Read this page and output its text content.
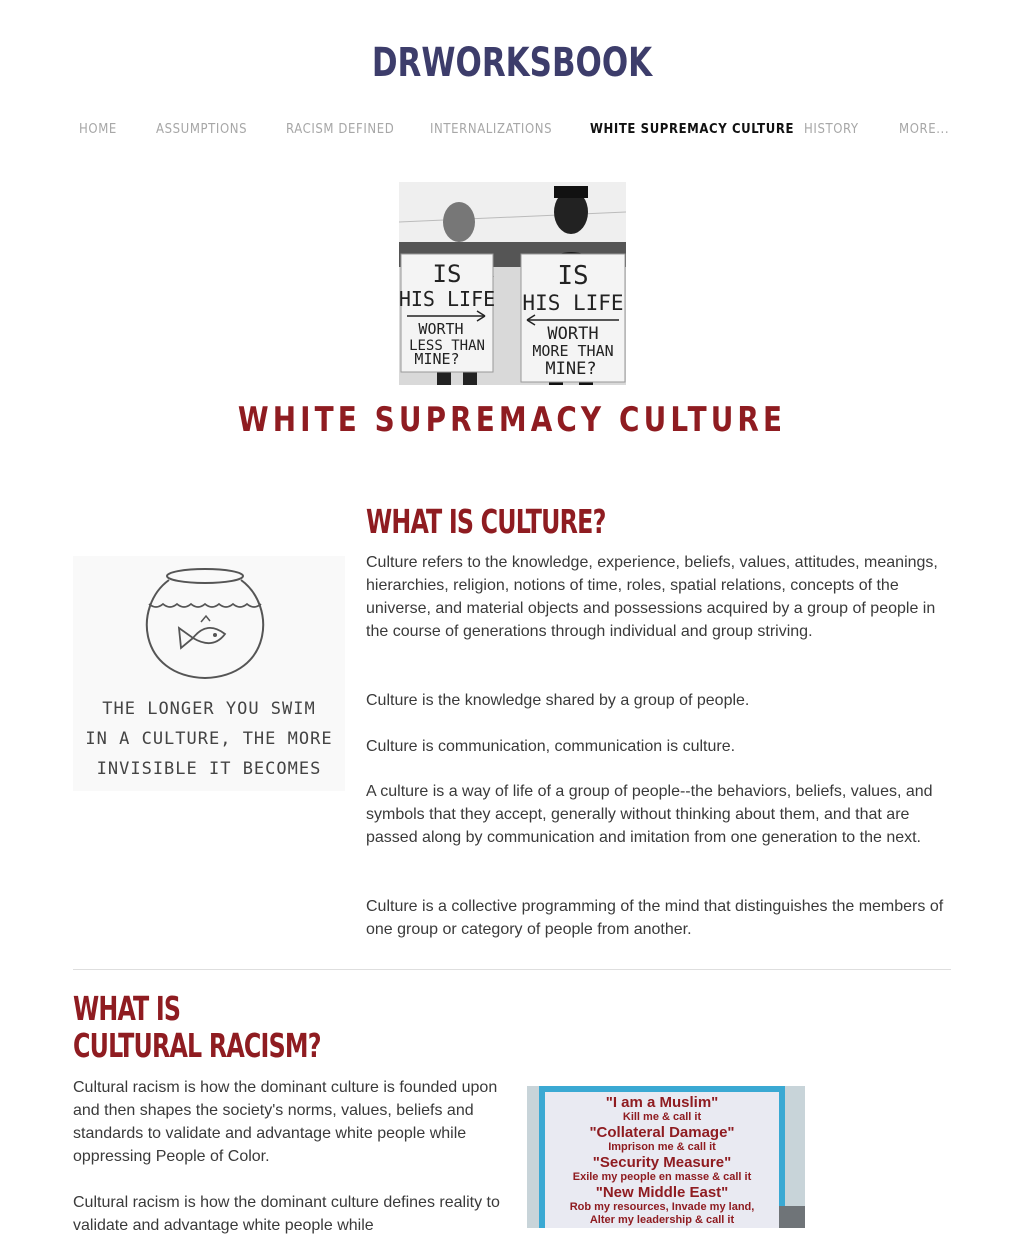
DRWORKSBOOK
HOME	ASSUMPTIONS	RACISM DEFINED	INTERNALIZATIONS	WHITE SUPREMACY CULTURE HISTORY	MORE...
IS
HIS LIFE
WORTH
LESS THAN
MINE?
IS
HIS LIFE
WORTH
MORE THAN
MINE?
WHITE SUPREMACY CULTURE
THE LONGER YOU SWIM
IN A CULTURE, THE MORE
INVISIBLE IT BECOMES
WHAT IS CULTURE?

Culture refers to the knowledge, experience, beliefs, values, attitudes, meanings, hierarchies, religion, notions of time, roles, spatial relations, concepts of the universe, and material objects and possessions acquired by a group of people in the course of generations through individual and group striving.

Culture is the knowledge shared by a group of people.

Culture is communication, communication is culture.

A culture is a way of life of a group of people--the behaviors, beliefs, values, and symbols that they accept, generally without thinking about them, and that are passed along by communication and imitation from one generation to the next.

Culture is a collective programming of the mind that distinguishes the members of one group or category of people from another.

WHAT IS
CULTURAL RACISM?

Cultural racism is how the dominant culture is founded upon and then shapes the society's norms, values, beliefs and standards to validate and advantage white people while oppressing People of Color.

Cultural racism is how the dominant culture defines reality to validate and advantage white people while

"I am a Muslim"
Kill me & call it
"Collateral Damage"
Imprison me & call it
"Security Measure"
Exile my people en masse & call it
"New Middle East"
Rob my resources, Invade my land,
Alter my leadership & call it
